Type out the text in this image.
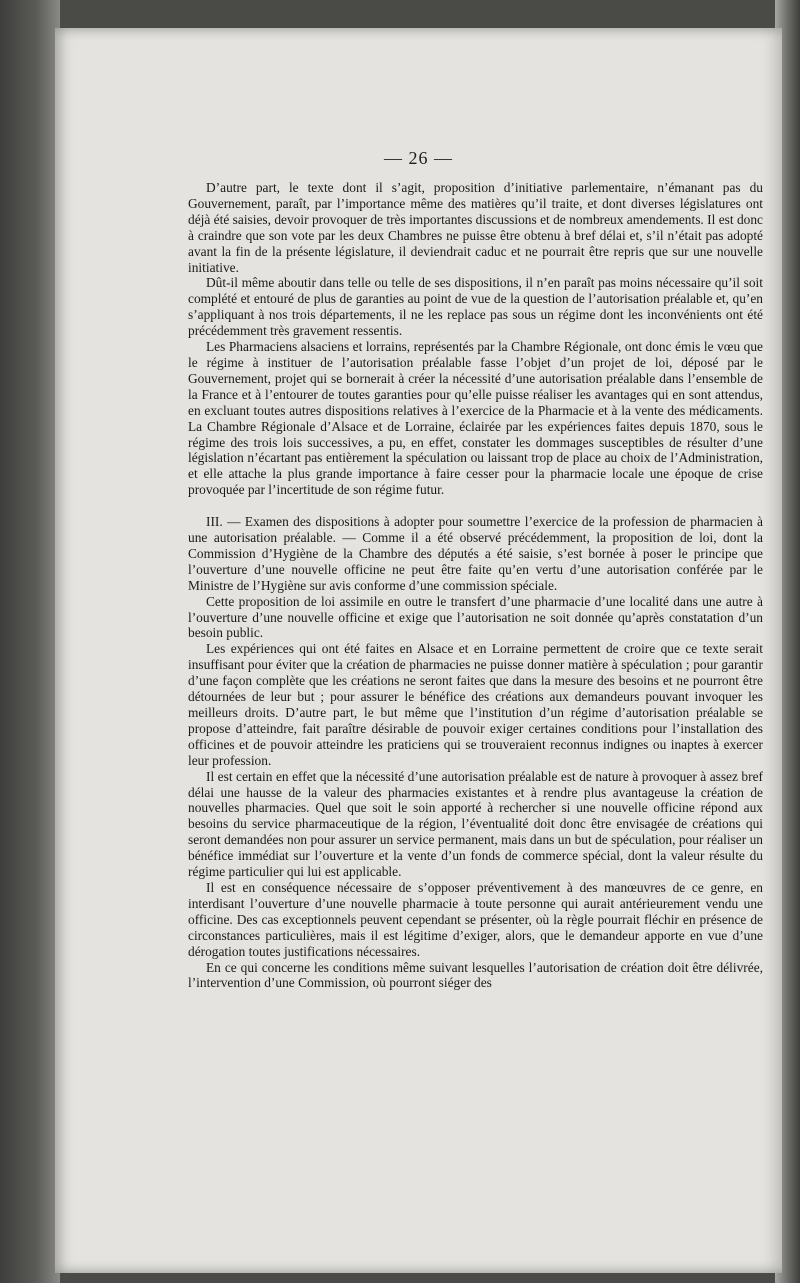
— 26 —

D’autre part, le texte dont il s’agit, proposition d’initiative parlementaire, n’émanant pas du Gouvernement, paraît, par l’importance même des matières qu’il traite, et dont diverses législatures ont déjà été saisies, devoir provoquer de très importantes discussions et de nombreux amendements. Il est donc à craindre que son vote par les deux Chambres ne puisse être obtenu à bref délai et, s’il n’était pas adopté avant la fin de la présente législature, il deviendrait caduc et ne pourrait être repris que sur une nouvelle initiative.

Dût-il même aboutir dans telle ou telle de ses dispositions, il n’en paraît pas moins nécessaire qu’il soit complété et entouré de plus de garanties au point de vue de la question de l’autorisation préalable et, qu’en s’appliquant à nos trois départements, il ne les replace pas sous un régime dont les inconvénients ont été précédemment très gravement ressentis.

Les Pharmaciens alsaciens et lorrains, représentés par la Chambre Régionale, ont donc émis le vœu que le régime à instituer de l’autorisation préalable fasse l’objet d’un projet de loi, déposé par le Gouvernement, projet qui se bornerait à créer la nécessité d’une autorisation préalable dans l’ensemble de la France et à l’entourer de toutes garanties pour qu’elle puisse réaliser les avantages qui en sont attendus, en excluant toutes autres dispositions relatives à l’exercice de la Pharmacie et à la vente des médicaments. La Chambre Régionale d’Alsace et de Lorraine, éclairée par les expériences faites depuis 1870, sous le régime des trois lois successives, a pu, en effet, constater les dommages susceptibles de résulter d’une législation n’écartant pas entièrement la spéculation ou laissant trop de place au choix de l’Administration, et elle attache la plus grande importance à faire cesser pour la pharmacie locale une époque de crise provoquée par l’incertitude de son régime futur.

III. — Examen des dispositions à adopter pour soumettre l’exercice de la profession de pharmacien à une autorisation préalable. — Comme il a été observé précédemment, la proposition de loi, dont la Commission d’Hygiène de la Chambre des députés a été saisie, s’est bornée à poser le principe que l’ouverture d’une nouvelle officine ne peut être faite qu’en vertu d’une autorisation conférée par le Ministre de l’Hygiène sur avis conforme d’une commission spéciale.

Cette proposition de loi assimile en outre le transfert d’une pharmacie d’une localité dans une autre à l’ouverture d’une nouvelle officine et exige que l’autorisation ne soit donnée qu’après constatation d’un besoin public.

Les expériences qui ont été faites en Alsace et en Lorraine permettent de croire que ce texte serait insuffisant pour éviter que la création de pharmacies ne puisse donner matière à spéculation ; pour garantir d’une façon complète que les créations ne seront faites que dans la mesure des besoins et ne pourront être détournées de leur but ; pour assurer le bénéfice des créations aux demandeurs pouvant invoquer les meilleurs droits. D’autre part, le but même que l’institution d’un régime d’autorisation préalable se propose d’atteindre, fait paraître désirable de pouvoir exiger certaines conditions pour l’installation des officines et de pouvoir atteindre les praticiens qui se trouveraient reconnus indignes ou inaptes à exercer leur profession.

Il est certain en effet que la nécessité d’une autorisation préalable est de nature à provoquer à assez bref délai une hausse de la valeur des pharmacies existantes et à rendre plus avantageuse la création de nouvelles pharmacies. Quel que soit le soin apporté à rechercher si une nouvelle officine répond aux besoins du service pharmaceutique de la région, l’éventualité doit donc être envisagée de créations qui seront demandées non pour assurer un service permanent, mais dans un but de spéculation, pour réaliser un bénéfice immédiat sur l’ouverture et la vente d’un fonds de commerce spécial, dont la valeur résulte du régime particulier qui lui est applicable.

Il est en conséquence nécessaire de s’opposer préventivement à des manœuvres de ce genre, en interdisant l’ouverture d’une nouvelle pharmacie à toute personne qui aurait antérieurement vendu une officine. Des cas exceptionnels peuvent cependant se présenter, où la règle pourrait fléchir en présence de circonstances particulières, mais il est légitime d’exiger, alors, que le demandeur apporte en vue d’une dérogation toutes justifications nécessaires.

En ce qui concerne les conditions même suivant lesquelles l’autorisation de création doit être délivrée, l’intervention d’une Commission, où pourront siéger des
